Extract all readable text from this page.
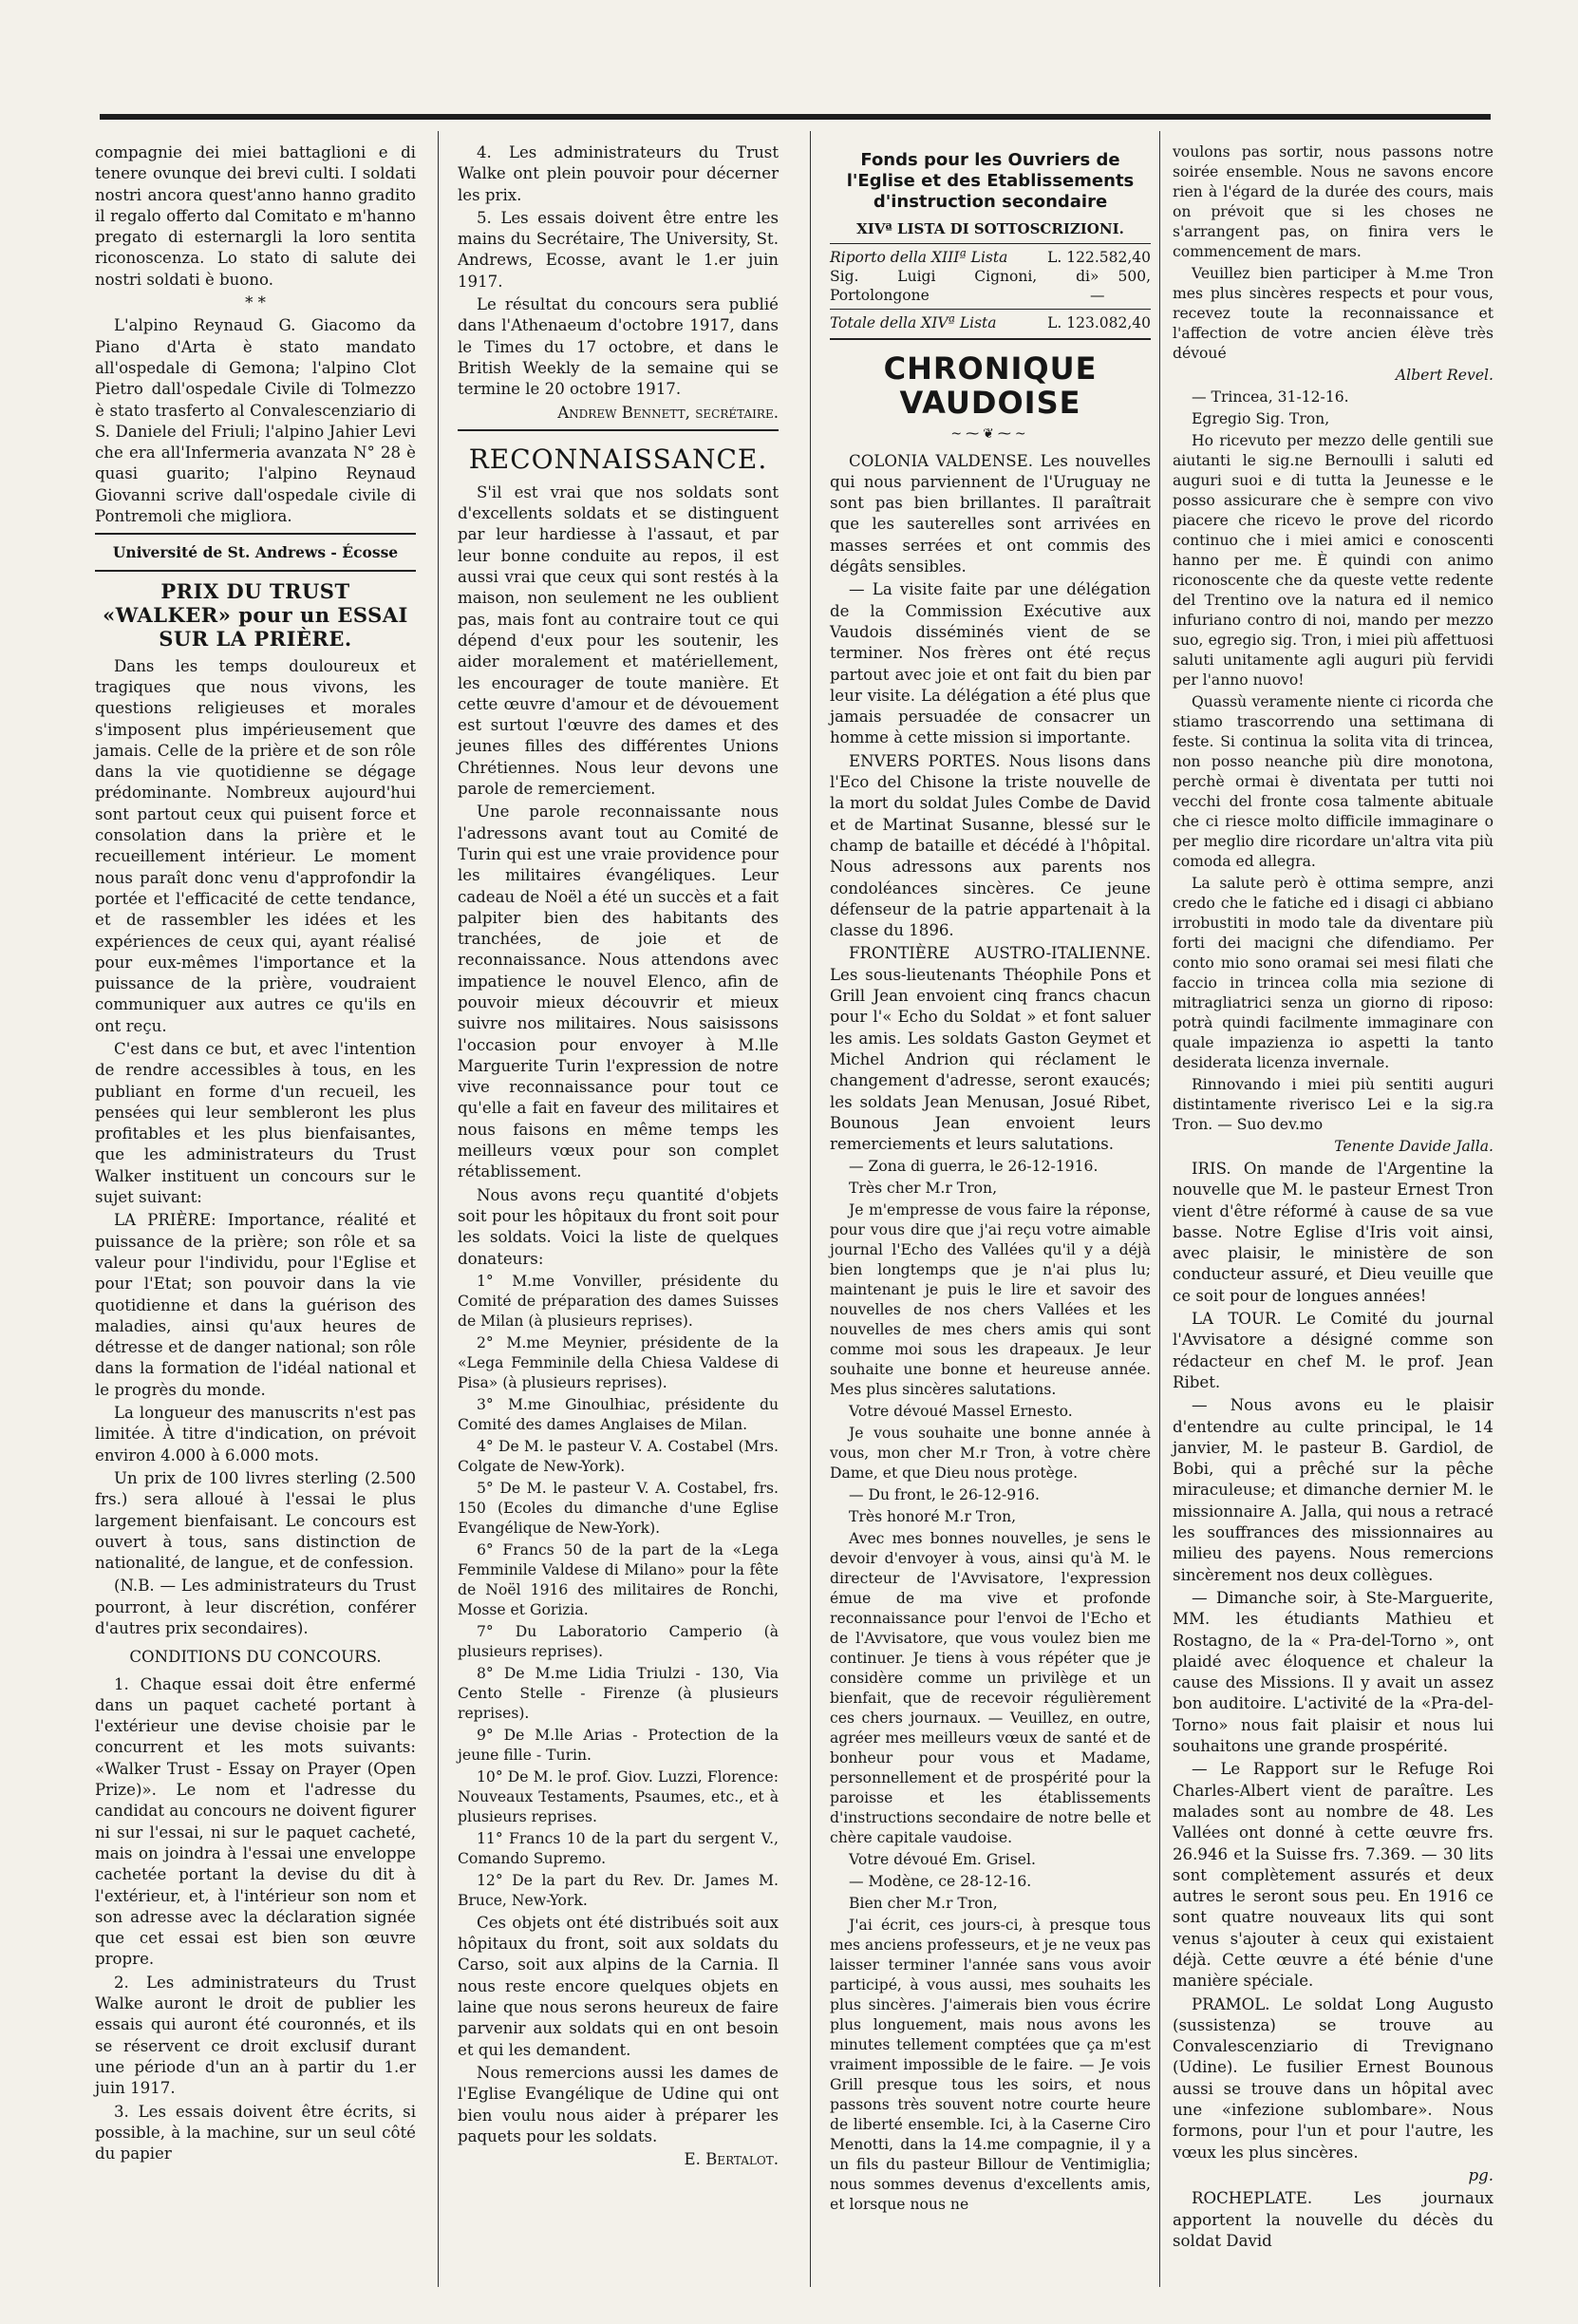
compagnie dei miei battaglioni e di tenere ovunque dei brevi culti. I soldati nostri ancora quest'anno hanno gradito il regalo offerto dal Comitato e m'hanno pregato di esternargli la loro sentita riconoscenza. Lo stato di salute dei nostri soldati è buono.

* *

L'alpino Reynaud G. Giacomo da Piano d'Arta è stato mandato all'ospedale di Gemona; l'alpino Clot Pietro dall'ospedale Civile di Tolmezzo è stato trasferto al Convalescenziario di S. Daniele del Friuli; l'alpino Jahier Levi che era all'Infermeria avanzata N° 28 è quasi guarito; l'alpino Reynaud Giovanni scrive dall'ospedale civile di Pontremoli che migliora.

Université de St. Andrews - Écosse
PRIX DU TRUST «WALKER» pour un ESSAI SUR LA PRIÈRE.

Dans les temps douloureux et tragiques que nous vivons, les questions religieuses et morales s'imposent plus impérieusement que jamais. Celle de la prière et de son rôle dans la vie quotidienne se dégage prédominante. Nombreux aujourd'hui sont partout ceux qui puisent force et consolation dans la prière et le recueillement intérieur. Le moment nous paraît donc venu d'approfondir la portée et l'efficacité de cette tendance, et de rassembler les idées et les expériences de ceux qui, ayant réalisé pour eux-mêmes l'importance et la puissance de la prière, voudraient communiquer aux autres ce qu'ils en ont reçu.

C'est dans ce but, et avec l'intention de rendre accessibles à tous, en les publiant en forme d'un recueil, les pensées qui leur sembleront les plus profitables et les plus bienfaisantes, que les administrateurs du Trust Walker instituent un concours sur le sujet suivant:

LA PRIÈRE: Importance, réalité et puissance de la prière; son rôle et sa valeur pour l'individu, pour l'Eglise et pour l'Etat; son pouvoir dans la vie quotidienne et dans la guérison des maladies, ainsi qu'aux heures de détresse et de danger national; son rôle dans la formation de l'idéal national et le progrès du monde.

La longueur des manuscrits n'est pas limitée. À titre d'indication, on prévoit environ 4.000 à 6.000 mots.

Un prix de 100 livres sterling (2.500 frs.) sera alloué à l'essai le plus largement bienfaisant. Le concours est ouvert à tous, sans distinction de nationalité, de langue, et de confession.

(N.B. — Les administrateurs du Trust pourront, à leur discrétion, conférer d'autres prix secondaires).

CONDITIONS DU CONCOURS.

1. Chaque essai doit être enfermé dans un paquet cacheté portant à l'extérieur une devise choisie par le concurrent et les mots suivants: «Walker Trust - Essay on Prayer (Open Prize)». Le nom et l'adresse du candidat au concours ne doivent figurer ni sur l'essai, ni sur le paquet cacheté, mais on joindra à l'essai une enveloppe cachetée portant la devise du dit à l'extérieur, et, à l'intérieur son nom et son adresse avec la déclaration signée que cet essai est bien son œuvre propre.

2. Les administrateurs du Trust Walke auront le droit de publier les essais qui auront été couronnés, et ils se réservent ce droit exclusif durant une période d'un an à partir du 1.er juin 1917.

3. Les essais doivent être écrits, si possible, à la machine, sur un seul côté du papier

4. Les administrateurs du Trust Walke ont plein pouvoir pour décerner les prix.

5. Les essais doivent être entre les mains du Secrétaire, The University, St. Andrews, Ecosse, avant le 1.er juin 1917.

Le résultat du concours sera publié dans l'Athenaeum d'octobre 1917, dans le Times du 17 octobre, et dans le British Weekly de la semaine qui se termine le 20 octobre 1917.

Andrew Bennett, secrétaire.

RECONNAISSANCE.

S'il est vrai que nos soldats sont d'excellents soldats et se distinguent par leur hardiesse à l'assaut, et par leur bonne conduite au repos, il est aussi vrai que ceux qui sont restés à la maison, non seulement ne les oublient pas, mais font au contraire tout ce qui dépend d'eux pour les soutenir, les aider moralement et matériellement, les encourager de toute manière. Et cette œuvre d'amour et de dévouement est surtout l'œuvre des dames et des jeunes filles des différentes Unions Chrétiennes. Nous leur devons une parole de remerciement.

Une parole reconnaissante nous l'adressons avant tout au Comité de Turin qui est une vraie providence pour les militaires évangéliques. Leur cadeau de Noël a été un succès et a fait palpiter bien des habitants des tranchées, de joie et de reconnaissance. Nous attendons avec impatience le nouvel Elenco, afin de pouvoir mieux découvrir et mieux suivre nos militaires. Nous saisissons l'occasion pour envoyer à M.lle Marguerite Turin l'expression de notre vive reconnaissance pour tout ce qu'elle a fait en faveur des militaires et nous faisons en même temps les meilleurs vœux pour son complet rétablissement.

Nous avons reçu quantité d'objets soit pour les hôpitaux du front soit pour les soldats. Voici la liste de quelques donateurs:

1° M.me Vonviller, présidente du Comité de préparation des dames Suisses de Milan (à plusieurs reprises).

2° M.me Meynier, présidente de la «Lega Femminile della Chiesa Valdese di Pisa» (à plusieurs reprises).

3° M.me Ginoulhiac, présidente du Comité des dames Anglaises de Milan.

4° De M. le pasteur V. A. Costabel (Mrs. Colgate de New-York).

5° De M. le pasteur V. A. Costabel, frs. 150 (Ecoles du dimanche d'une Eglise Evangélique de New-York).

6° Francs 50 de la part de la «Lega Femminile Valdese di Milano» pour la fête de Noël 1916 des militaires de Ronchi, Mosse et Gorizia.

7° Du Laboratorio Camperio (à plusieurs reprises).

8° De M.me Lidia Triulzi - 130, Via Cento Stelle - Firenze (à plusieurs reprises).

9° De M.lle Arias - Protection de la jeune fille - Turin.

10° De M. le prof. Giov. Luzzi, Florence: Nouveaux Testaments, Psaumes, etc., et à plusieurs reprises.

11° Francs 10 de la part du sergent V., Comando Supremo.

12° De la part du Rev. Dr. James M. Bruce, New-York.

Ces objets ont été distribués soit aux hôpitaux du front, soit aux soldats du Carso, soit aux alpins de la Carnia. Il nous reste encore quelques objets en laine que nous serons heureux de faire parvenir aux soldats qui en ont besoin et qui les demandent.

Nous remercions aussi les dames de l'Eglise Evangélique de Udine qui ont bien voulu nous aider à préparer les paquets pour les soldats.

E. Bertalot.

Fonds pour les Ouvriers de l'Eglise et des Etablissements d'instruction secondaire
XIVª LISTA DI SOTTOSCRIZIONI.
Riporto della XIIIª Lista	L. 122.582,40
Sig. Luigi Cignoni, di Portolongone
» 500,—
Totale della XIVª Lista	L. 123.082,40
CHRONIQUE VAUDOISE
~⁓❦⁓~

COLONIA VALDENSE. Les nouvelles qui nous parviennent de l'Uruguay ne sont pas bien brillantes. Il paraîtrait que les sauterelles sont arrivées en masses serrées et ont commis des dégâts sensibles.

— La visite faite par une délégation de la Commission Exécutive aux Vaudois disséminés vient de se terminer. Nos frères ont été reçus partout avec joie et ont fait du bien par leur visite. La délégation a été plus que jamais persuadée de consacrer un homme à cette mission si importante.

ENVERS PORTES. Nous lisons dans l'Eco del Chisone la triste nouvelle de la mort du soldat Jules Combe de David et de Martinat Susanne, blessé sur le champ de bataille et décédé à l'hôpital. Nous adressons aux parents nos condoléances sincères. Ce jeune défenseur de la patrie appartenait à la classe du 1896.

FRONTIÈRE AUSTRO-ITALIENNE. Les sous-lieutenants Théophile Pons et Grill Jean envoient cinq francs chacun pour l'« Echo du Soldat » et font saluer les amis. Les soldats Gaston Geymet et Michel Andrion qui réclament le changement d'adresse, seront exaucés; les soldats Jean Menusan, Josué Ribet, Bounous Jean envoient leurs remerciements et leurs salutations.

— Zona di guerra, le 26-12-1916.

Très cher M.r Tron,

Je m'empresse de vous faire la réponse, pour vous dire que j'ai reçu votre aimable journal l'Echo des Vallées qu'il y a déjà bien longtemps que je n'ai plus lu; maintenant je puis le lire et savoir des nouvelles de nos chers Vallées et les nouvelles de mes chers amis qui sont comme moi sous les drapeaux. Je leur souhaite une bonne et heureuse année. Mes plus sincères salutations.

Votre dévoué Massel Ernesto.

Je vous souhaite une bonne année à vous, mon cher M.r Tron, à votre chère Dame, et que Dieu nous protège.

— Du front, le 26-12-916.

Très honoré M.r Tron,

Avec mes bonnes nouvelles, je sens le devoir d'envoyer à vous, ainsi qu'à M. le directeur de l'Avvisatore, l'expression émue de ma vive et profonde reconnaissance pour l'envoi de l'Echo et de l'Avvisatore, que vous voulez bien me continuer. Je tiens à vous répéter que je considère comme un privilège et un bienfait, que de recevoir régulièrement ces chers journaux. — Veuillez, en outre, agréer mes meilleurs vœux de santé et de bonheur pour vous et Madame, personnellement et de prospérité pour la paroisse et les établissements d'instructions secondaire de notre belle et chère capitale vaudoise.

Votre dévoué Em. Grisel.

— Modène, ce 28-12-16.

Bien cher M.r Tron,

J'ai écrit, ces jours-ci, à presque tous mes anciens professeurs, et je ne veux pas laisser terminer l'année sans vous avoir participé, à vous aussi, mes souhaits les plus sincères. J'aimerais bien vous écrire plus longuement, mais nous avons les minutes tellement comptées que ça m'est vraiment impossible de le faire. — Je vois Grill presque tous les soirs, et nous passons très souvent notre courte heure de liberté ensemble. Ici, à la Caserne Ciro Menotti, dans la 14.me compagnie, il y a un fils du pasteur Billour de Ventimiglia; nous sommes devenus d'excellents amis, et lorsque nous ne

voulons pas sortir, nous passons notre soirée ensemble. Nous ne savons encore rien à l'égard de la durée des cours, mais on prévoit que si les choses ne s'arrangent pas, on finira vers le commencement de mars.

Veuillez bien participer à M.me Tron mes plus sincères respects et pour vous, recevez toute la reconnaissance et l'affection de votre ancien élève très dévoué

Albert Revel.

— Trincea, 31-12-16.

Egregio Sig. Tron,

Ho ricevuto per mezzo delle gentili sue aiutanti le sig.ne Bernoulli i saluti ed auguri suoi e di tutta la Jeunesse e le posso assicurare che è sempre con vivo piacere che ricevo le prove del ricordo continuo che i miei amici e conoscenti hanno per me. È quindi con animo riconoscente che da queste vette redente del Trentino ove la natura ed il nemico infuriano contro di noi, mando per mezzo suo, egregio sig. Tron, i miei più affettuosi saluti unitamente agli auguri più fervidi per l'anno nuovo!

Quassù veramente niente ci ricorda che stiamo trascorrendo una settimana di feste. Si continua la solita vita di trincea, non posso neanche più dire monotona, perchè ormai è diventata per tutti noi vecchi del fronte cosa talmente abituale che ci riesce molto difficile immaginare o per meglio dire ricordare un'altra vita più comoda ed allegra.

La salute però è ottima sempre, anzi credo che le fatiche ed i disagi ci abbiano irrobustiti in modo tale da diventare più forti dei macigni che difendiamo. Per conto mio sono oramai sei mesi filati che faccio in trincea colla mia sezione di mitragliatrici senza un giorno di riposo: potrà quindi facilmente immaginare con quale impazienza io aspetti la tanto desiderata licenza invernale.

Rinnovando i miei più sentiti auguri distintamente riveriscо Lei e la sig.ra Tron. — Suo dev.mo

Tenente Davide Jalla.

IRIS. On mande de l'Argentine la nouvelle que M. le pasteur Ernest Tron vient d'être réformé à cause de sa vue basse. Notre Eglise d'Iris voit ainsi, avec plaisir, le ministère de son conducteur assuré, et Dieu veuille que ce soit pour de longues années!

LA TOUR. Le Comité du journal l'Avvisatore a désigné comme son rédacteur en chef M. le prof. Jean Ribet.

— Nous avons eu le plaisir d'entendre au culte principal, le 14 janvier, M. le pasteur B. Gardiol, de Bobi, qui a prêché sur la pêche miraculeuse; et dimanche dernier M. le missionnaire A. Jalla, qui nous a retracé les souffrances des missionnaires au milieu des payens. Nous remercions sincèrement nos deux collègues.

— Dimanche soir, à Ste-Marguerite, MM. les étudiants Mathieu et Rostagno, de la « Pra-del-Torno », ont plaidé avec éloquence et chaleur la cause des Missions. Il y avait un assez bon auditoire. L'activité de la «Pra-del-Torno» nous fait plaisir et nous lui souhaitons une grande prospérité.

— Le Rapport sur le Refuge Roi Charles-Albert vient de paraître. Les malades sont au nombre de 48. Les Vallées ont donné à cette œuvre frs. 26.946 et la Suisse frs. 7.369. — 30 lits sont complètement assurés et deux autres le seront sous peu. En 1916 ce sont quatre nouveaux lits qui sont venus s'ajouter à ceux qui existaient déjà. Cette œuvre a été bénie d'une manière spéciale.

PRAMOL. Le soldat Long Augusto (sussistenza) se trouve au Convalescenziario di Trevignano (Udine). Le fusilier Ernest Bounous aussi se trouve dans un hôpital avec une «infezione sublombare». Nous formons, pour l'un et pour l'autre, les vœux les plus sincères.

pg.

ROCHEPLATE. Les journaux apportent la nouvelle du décès du soldat David
